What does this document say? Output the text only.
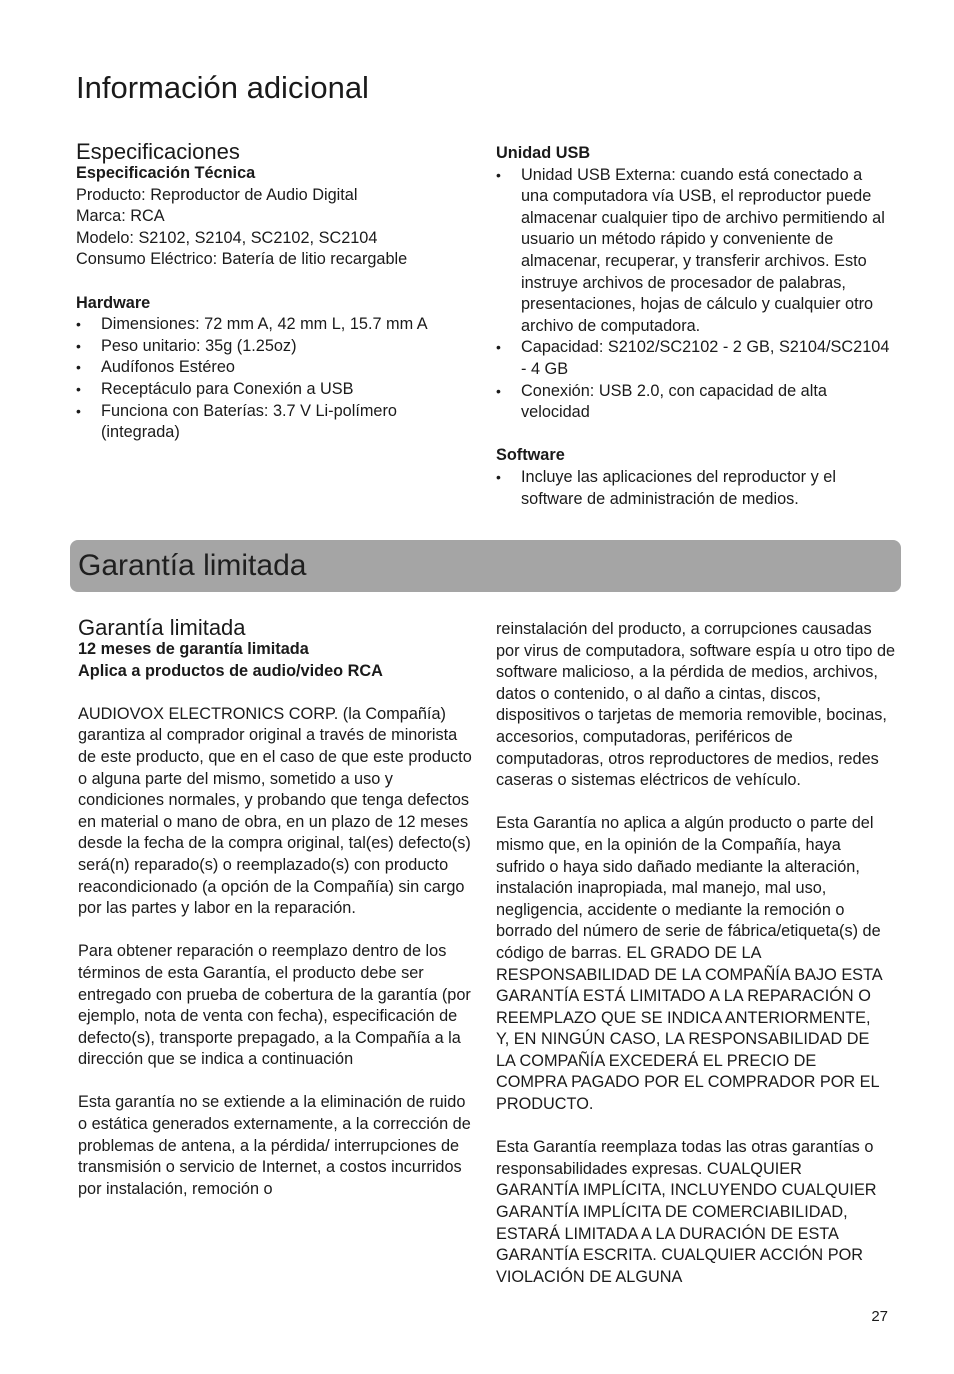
Información adicional

Especificaciones

Especificación Técnica

Producto: Reproductor de Audio Digital

Marca: RCA

Modelo: S2102, S2104, SC2102, SC2104

Consumo Eléctrico: Batería de litio recargable

Hardware

• Dimensiones: 72 mm A, 42 mm L, 15.7 mm A
• Peso unitario: 35g (1.25oz)
• Audífonos Estéreo
• Receptáculo para Conexión a USB
• Funciona con Baterías: 3.7 V Li-polímero (integrada)

Unidad USB

• Unidad USB Externa: cuando está conectado a una computadora vía USB, el reproductor puede almacenar cualquier tipo de archivo permitiendo al usuario un método rápido y conveniente de almacenar, recuperar, y transferir archivos. Esto instruye archivos de procesador de palabras, presentaciones, hojas de cálculo y cualquier otro archivo de computadora.
• Capacidad: S2102/SC2102 - 2 GB, S2104/SC2104 - 4 GB
• Conexión: USB 2.0, con capacidad de alta velocidad

Software

• Incluye las aplicaciones del reproductor y el software de administración de medios.
Garantía limitada

Garantía limitada

12 meses de garantía limitada

Aplica a productos de audio/video RCA

AUDIOVOX ELECTRONICS CORP. (la Compañía) garantiza al comprador original a través de minorista de este producto, que en el caso de que este producto o alguna parte del mismo, sometido a uso y condiciones normales, y probando que tenga defectos en material o mano de obra, en un plazo de 12 meses desde la fecha de la compra original, tal(es) defecto(s) será(n) reparado(s) o reemplazado(s) con producto reacondicionado (a opción de la Compañía) sin cargo por las partes y labor en la reparación.

Para obtener reparación o reemplazo dentro de los términos de esta Garantía, el producto debe ser entregado con prueba de cobertura de la garantía (por ejemplo, nota de venta con fecha), especificación de defecto(s), transporte prepagado, a la Compañía a la dirección que se indica a continuación

Esta garantía no se extiende a la eliminación de ruido o estática generados externamente, a la corrección de problemas de antena, a la pérdida/ interrupciones de transmisión o servicio de Internet, a costos incurridos por instalación, remoción o

reinstalación del producto, a corrupciones causadas por virus de computadora, software espía u otro tipo de software malicioso, a la pérdida de medios, archivos, datos o contenido, o al daño a cintas, discos, dispositivos o tarjetas de memoria removible, bocinas, accesorios, computadoras, periféricos de computadoras, otros reproductores de medios, redes caseras o sistemas eléctricos de vehículo.

Esta Garantía no aplica a algún producto o parte del mismo que, en la opinión de la Compañía, haya sufrido o haya sido dañado mediante la alteración, instalación inapropiada, mal manejo, mal uso, negligencia, accidente o mediante la remoción o borrado del número de serie de fábrica/etiqueta(s) de código de barras. EL GRADO DE LA RESPONSABILIDAD DE LA COMPAÑÍA BAJO ESTA GARANTÍA ESTÁ LIMITADO A LA REPARACIÓN O REEMPLAZO QUE SE INDICA ANTERIORMENTE, Y, EN NINGÚN CASO, LA RESPONSABILIDAD DE LA COMPAÑÍA EXCEDERÁ EL PRECIO DE COMPRA PAGADO POR EL COMPRADOR POR EL PRODUCTO.

Esta Garantía reemplaza todas las otras garantías o responsabilidades expresas. CUALQUIER GARANTÍA IMPLÍCITA, INCLUYENDO CUALQUIER GARANTÍA IMPLÍCITA DE COMERCIABILIDAD, ESTARÁ LIMITADA A LA DURACIÓN DE ESTA GARANTÍA ESCRITA. CUALQUIER ACCIÓN POR VIOLACIÓN DE ALGUNA

27
